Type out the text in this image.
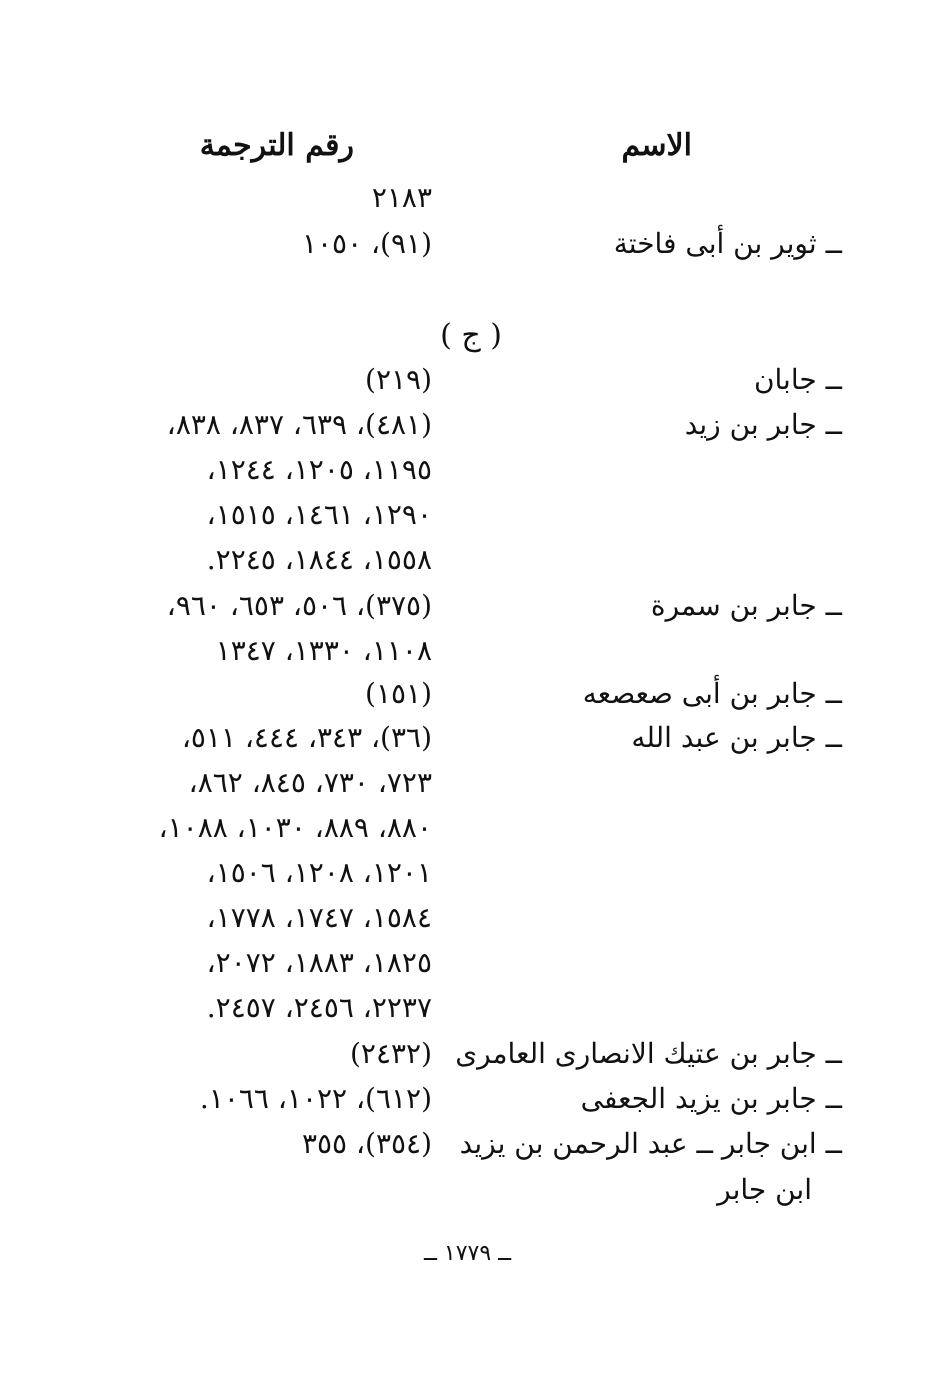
الاسم
رقم الترجمة
٢١٨٣
ــ ثوير بن أبى فاختة
(٩١)، ١٠٥٠
( ج )
ــ جابان
(٢١٩)
ــ جابر بن زيد
(٤٨١)، ٦٣٩، ٨٣٧، ٨٣٨،
١١٩٥، ١٢٠٥، ١٢٤٤،
١٢٩٠، ١٤٦١، ١٥١٥،
١٥٥٨، ١٨٤٤، ٢٢٤٥.
ــ جابر بن سمرة
(٣٧٥)، ٥٠٦، ٦٥٣، ٩٦٠،
١١٠٨، ١٣٣٠، ١٣٤٧
ــ جابر بن أبى صعصعه
(١٥١)
ــ جابر بن عبد الله
(٣٦)، ٣٤٣، ٤٤٤، ٥١١،
٧٢٣، ٧٣٠، ٨٤٥، ٨٦٢،
٨٨٠، ٨٨٩، ١٠٣٠، ١٠٨٨،
١٢٠١، ١٢٠٨، ١٥٠٦،
١٥٨٤، ١٧٤٧، ١٧٧٨،
١٨٢٥، ١٨٨٣، ٢٠٧٢،
٢٢٣٧، ٢٤٥٦، ٢٤٥٧.
ــ جابر بن عتيك الانصارى العامرى
(٢٤٣٢)
ــ جابر بن يزيد الجعفى
(٦١٢)، ١٠٢٢، ١٠٦٦.
ــ ابن جابر ــ عبد الرحمن بن يزيد
(٣٥٤)، ٣٥٥
ابن جابر
ــ ١٧٧٩ ــ
